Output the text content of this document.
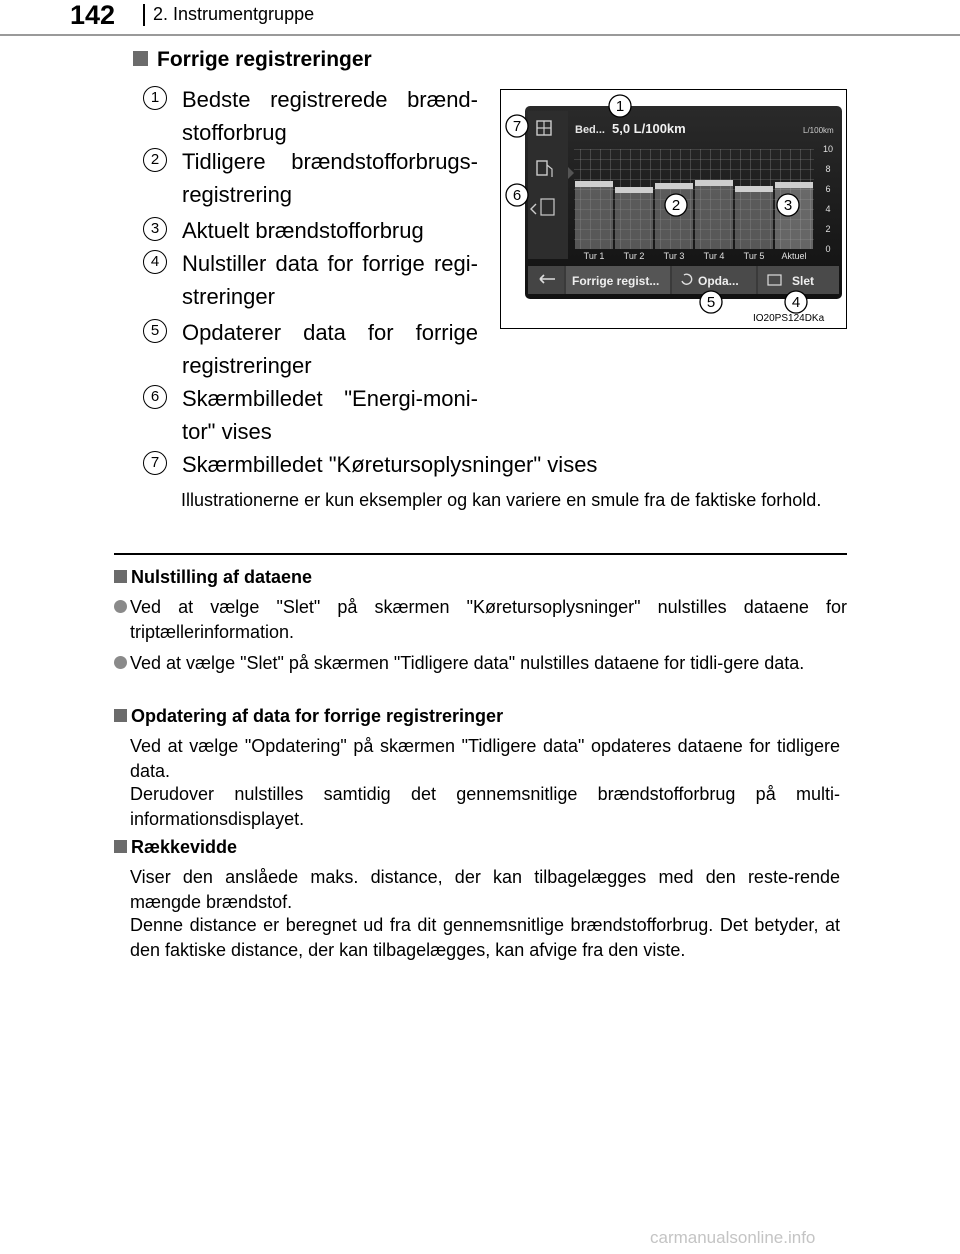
142 2. Instrumentgruppe
Forrige registreringer
1	Bedste registrerede brænd-stofforbrug
2	Tidligere brændstofforbrugs-registrering
3	Aktuelt brændstofforbrug
4	Nulstiller data for forrige regi-streringer
5	Opdaterer data for forrige registreringer
6	Skærmbilledet "Energi-moni-tor" vises
7	Skærmbilledet "Køretursoplysninger" vises
Illustrationerne er kun eksempler og kan variere en smule fra de faktiske forhold.
Bed... 5,0 L/100km	L/100km
10
8
6
4
2
0
Tur 1 Tur 2 Tur 3 Tur 4 Tur 5 Aktuel
Forrige regist...	Opda...	Slet
1
2	3
4
5
6
7
IO20PS124DKa
Nulstilling af dataene
Ved at vælge "Slet" på skærmen "Køretursoplysninger" nulstilles dataene for triptællerinformation.
Ved at vælge "Slet" på skærmen "Tidligere data" nulstilles dataene for tidli-gere data.
Opdatering af data for forrige registreringer
Ved at vælge "Opdatering" på skærmen "Tidligere data" opdateres dataene for tidligere data.
Derudover nulstilles samtidig det gennemsnitlige brændstofforbrug på multi-informationsdisplayet.
Rækkevidde
Viser den anslåede maks. distance, der kan tilbagelægges med den reste-rende mængde brændstof.
Denne distance er beregnet ud fra dit gennemsnitlige brændstofforbrug. Det betyder, at den faktiske distance, der kan tilbagelægges, kan afvige fra den viste.
carmanualsonline.info
